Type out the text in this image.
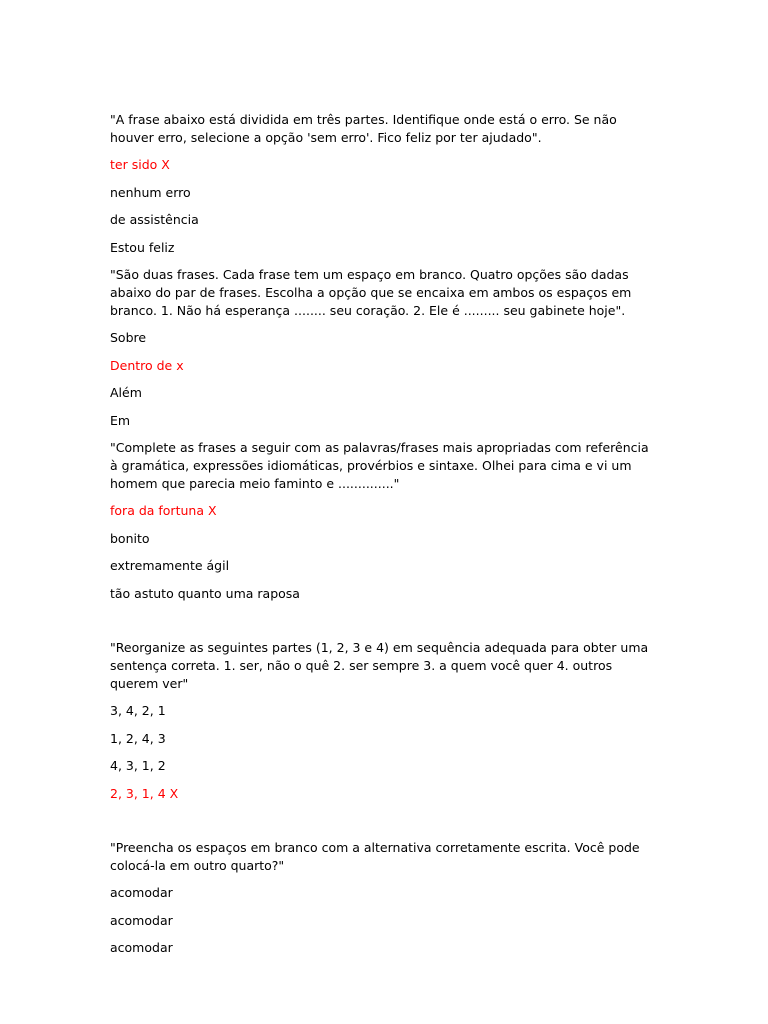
"A frase abaixo está dividida em três partes. Identifique onde está o erro. Se não houver erro, selecione a opção 'sem erro'. Fico feliz por ter ajudado".

ter sido X
nenhum erro
de assistência
Estou feliz

"São duas frases. Cada frase tem um espaço em branco. Quatro opções são dadas abaixo do par de frases. Escolha a opção que se encaixa em ambos os espaços em branco. 1. Não há esperança ........ seu coração. 2. Ele é ......... seu gabinete hoje".

Sobre
Dentro de x
Além
Em

"Complete as frases a seguir com as palavras/frases mais apropriadas com referência à gramática, expressões idiomáticas, provérbios e sintaxe. Olhei para cima e vi um homem que parecia meio faminto e .............."

fora da fortuna X
bonito
extremamente ágil
tão astuto quanto uma raposa

"Reorganize as seguintes partes (1, 2, 3 e 4) em sequência adequada para obter uma sentença correta. 1. ser, não o quê 2. ser sempre 3. a quem você quer 4. outros querem ver"

3, 4, 2, 1
1, 2, 4, 3
4, 3, 1, 2
2, 3, 1, 4 X

"Preencha os espaços em branco com a alternativa corretamente escrita. Você pode colocá-la em outro quarto?"

acomodar
acomodar
acomodar
